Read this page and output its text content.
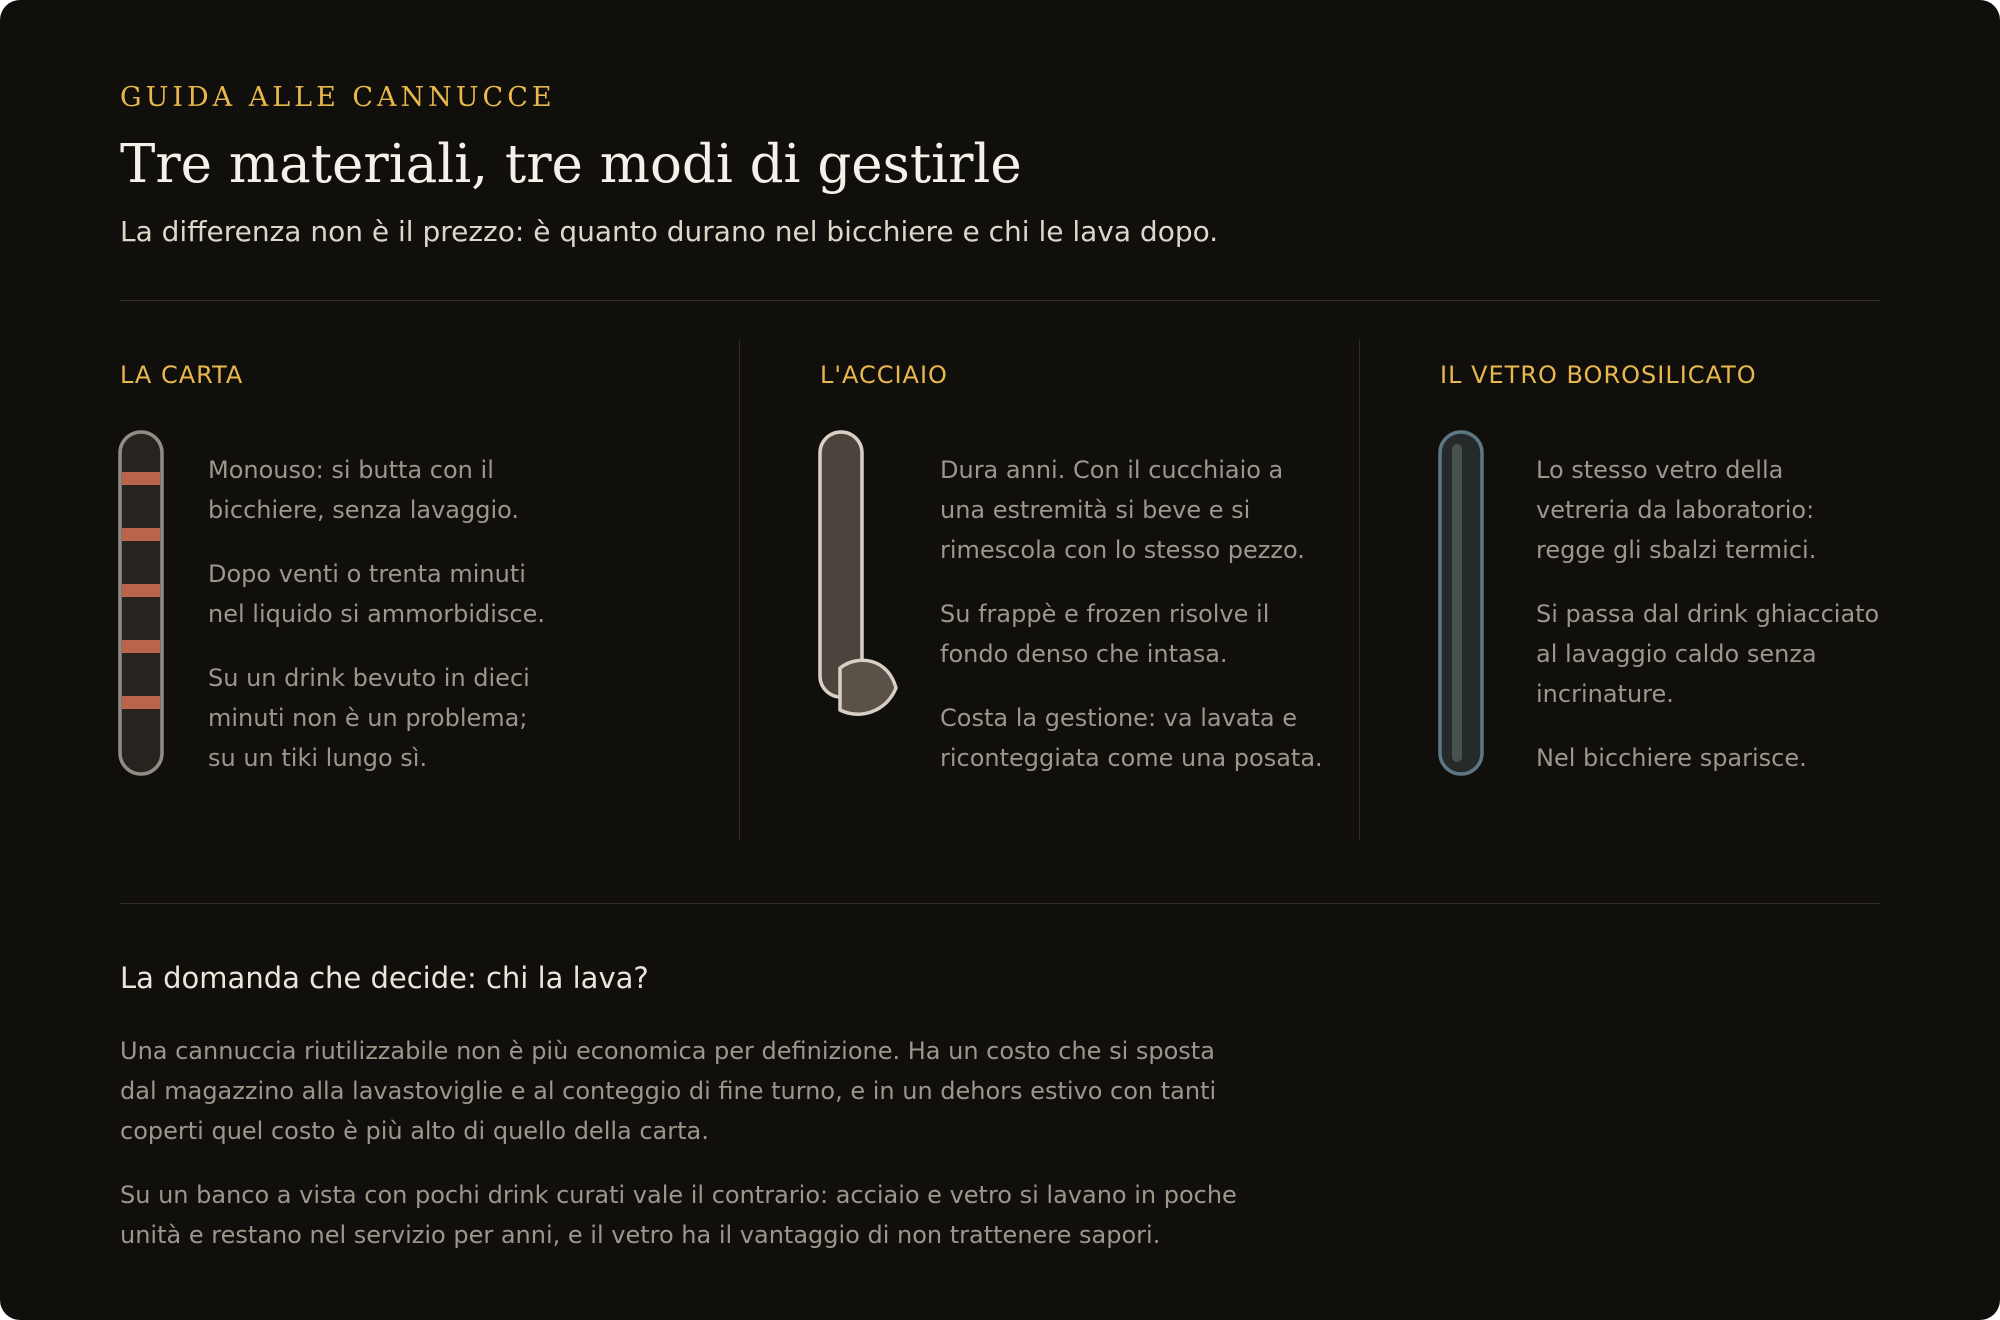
GUIDA ALLE CANNUCCE
Tre materiali, tre modi di gestirle
La differenza non è il prezzo: è quanto durano nel bicchiere e chi le lava dopo.
LA CARTA

Monouso: si butta con il bicchiere, senza lavaggio.

Dopo venti o trenta minuti nel liquido si ammorbidisce.

Su un drink bevuto in dieci minuti non è un problema; su un tiki lungo sì.

L'ACCIAIO

Dura anni. Con il cucchiaio a una estremità si beve e si rimescola con lo stesso pezzo.

Su frappè e frozen risolve il fondo denso che intasa.

Costa la gestione: va lavata e riconteggiata come una posata.

IL VETRO BOROSILICATO

Lo stesso vetro della vetreria da laboratorio: regge gli sbalzi termici.

Si passa dal drink ghiacciato al lavaggio caldo senza incrinature.

Nel bicchiere sparisce.

La domanda che decide: chi la lava?

Una cannuccia riutilizzabile non è più economica per definizione. Ha un costo che si sposta dal magazzino alla lavastoviglie e al conteggio di fine turno, e in un dehors estivo con tanti coperti quel costo è più alto di quello della carta.

Su un banco a vista con pochi drink curati vale il contrario: acciaio e vetro si lavano in poche unità e restano nel servizio per anni, e il vetro ha il vantaggio di non trattenere sapori.
